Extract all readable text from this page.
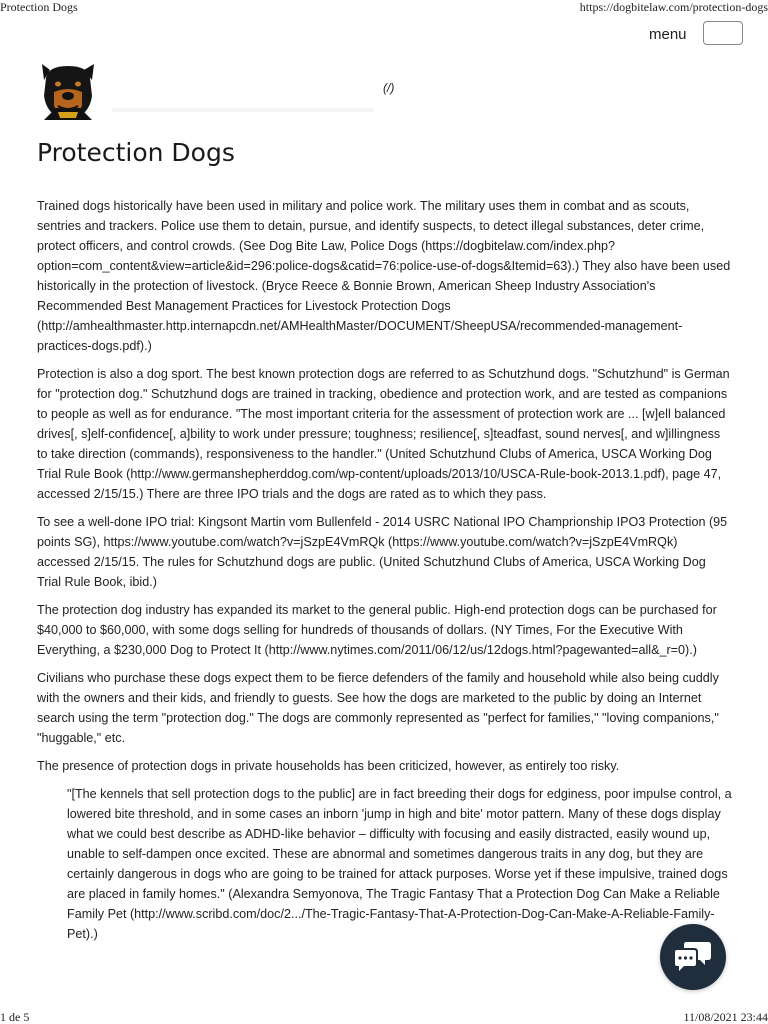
Protection Dogs	https://dogbitelaw.com/protection-dogs
menu
(/)
Protection Dogs

Trained dogs historically have been used in military and police work. The military uses them in combat and as scouts, sentries and trackers. Police use them to detain, pursue, and identify suspects, to detect illegal substances, deter crime, protect officers, and control crowds. (See Dog Bite Law, Police Dogs (https://dogbitelaw.com/index.php?option=com_content&view=article&id=296:police-dogs&catid=76:police-use-of-dogs&Itemid=63).) They also have been used historically in the protection of livestock. (Bryce Reece & Bonnie Brown, American Sheep Industry Association's Recommended Best Management Practices for Livestock Protection Dogs (http://amhealthmaster.http.internapcdn.net/AMHealthMaster/DOCUMENT/SheepUSA/recommended-management-practices-dogs.pdf).)

Protection is also a dog sport. The best known protection dogs are referred to as Schutzhund dogs. "Schutzhund" is German for "protection dog." Schutzhund dogs are trained in tracking, obedience and protection work, and are tested as companions to people as well as for endurance. "The most important criteria for the assessment of protection work are ... [w]ell balanced drives[, s]elf-confidence[, a]bility to work under pressure; toughness; resilience[, s]teadfast, sound nerves[, and w]illingness to take direction (commands), responsiveness to the handler." (United Schutzhund Clubs of America, USCA Working Dog Trial Rule Book (http://www.germanshepherddog.com/wp-content/uploads/2013/10/USCA-Rule-book-2013.1.pdf), page 47, accessed 2/15/15.) There are three IPO trials and the dogs are rated as to which they pass.

To see a well-done IPO trial: Kingsont Martin vom Bullenfeld - 2014 USRC National IPO Champrionship IPO3 Protection (95 points SG), https://www.youtube.com/watch?v=jSzpE4VmRQk (https://www.youtube.com/watch?v=jSzpE4VmRQk) accessed 2/15/15. The rules for Schutzhund dogs are public. (United Schutzhund Clubs of America, USCA Working Dog Trial Rule Book, ibid.)

The protection dog industry has expanded its market to the general public. High-end protection dogs can be purchased for $40,000 to $60,000, with some dogs selling for hundreds of thousands of dollars. (NY Times, For the Executive With Everything, a $230,000 Dog to Protect It (http://www.nytimes.com/2011/06/12/us/12dogs.html?pagewanted=all&_r=0).)

Civilians who purchase these dogs expect them to be fierce defenders of the family and household while also being cuddly with the owners and their kids, and friendly to guests. See how the dogs are marketed to the public by doing an Internet search using the term "protection dog." The dogs are commonly represented as "perfect for families," "loving companions," "huggable," etc.

The presence of protection dogs in private households has been criticized, however, as entirely too risky.

"[The kennels that sell protection dogs to the public] are in fact breeding their dogs for edginess, poor impulse control, a lowered bite threshold, and in some cases an inborn 'jump in high and bite' motor pattern. Many of these dogs display what we could best describe as ADHD-like behavior – difficulty with focusing and easily distracted, easily wound up, unable to self-dampen once excited. These are abnormal and sometimes dangerous traits in any dog, but they are certainly dangerous in dogs who are going to be trained for attack purposes. Worse yet if these impulsive, trained dogs are placed in family homes." (Alexandra Semyonova, The Tragic Fantasy That a Protection Dog Can Make a Reliable Family Pet (http://www.scribd.com/doc/2.../The-Tragic-Fantasy-That-A-Protection-Dog-Can-Make-A-Reliable-Family-Pet).)

1 de 5	11/08/2021 23:44
